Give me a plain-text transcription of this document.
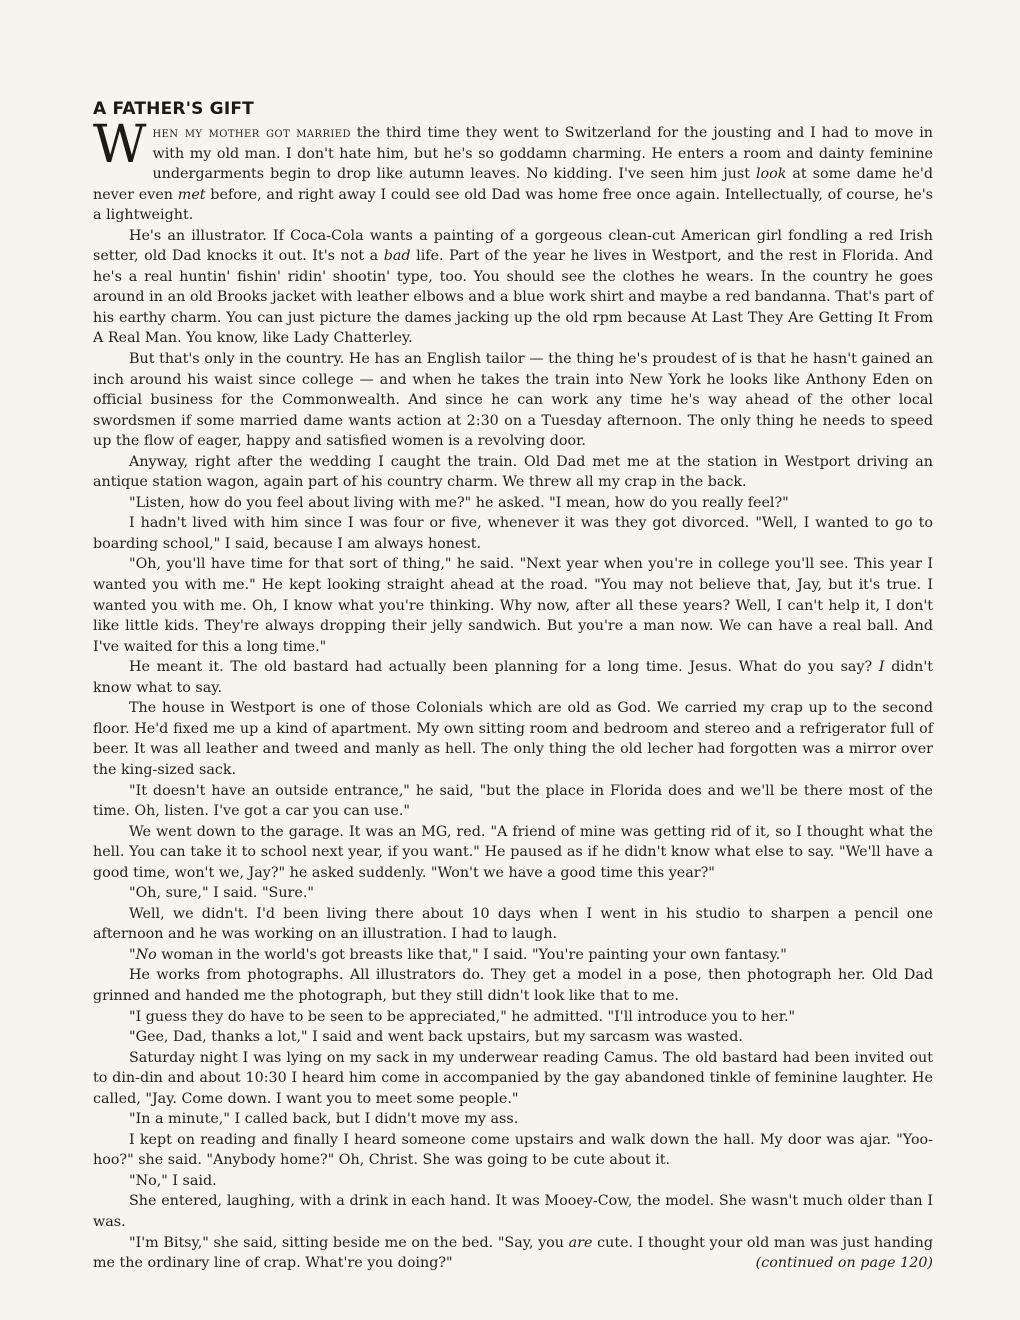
A FATHER'S GIFT

When my mother got married the third time they went to Switzerland for the jousting and I had to move in with my old man. I don't hate him, but he's so goddamn charming. He enters a room and dainty feminine undergarments begin to drop like autumn leaves. No kidding. I've seen him just look at some dame he'd never even met before, and right away I could see old Dad was home free once again. Intellectually, of course, he's a lightweight.

He's an illustrator. If Coca-Cola wants a painting of a gorgeous clean-cut American girl fondling a red Irish setter, old Dad knocks it out. It's not a bad life. Part of the year he lives in Westport, and the rest in Florida. And he's a real huntin' fishin' ridin' shootin' type, too. You should see the clothes he wears. In the country he goes around in an old Brooks jacket with leather elbows and a blue work shirt and maybe a red bandanna. That's part of his earthy charm. You can just picture the dames jacking up the old rpm because At Last They Are Getting It From A Real Man. You know, like Lady Chatterley.

But that's only in the country. He has an English tailor — the thing he's proudest of is that he hasn't gained an inch around his waist since college — and when he takes the train into New York he looks like Anthony Eden on official business for the Commonwealth. And since he can work any time he's way ahead of the other local swordsmen if some married dame wants action at 2:30 on a Tuesday afternoon. The only thing he needs to speed up the flow of eager, happy and satisfied women is a revolving door.

Anyway, right after the wedding I caught the train. Old Dad met me at the station in Westport driving an antique station wagon, again part of his country charm. We threw all my crap in the back.

"Listen, how do you feel about living with me?" he asked. "I mean, how do you really feel?"

I hadn't lived with him since I was four or five, whenever it was they got divorced. "Well, I wanted to go to boarding school," I said, because I am always honest.

"Oh, you'll have time for that sort of thing," he said. "Next year when you're in college you'll see. This year I wanted you with me." He kept looking straight ahead at the road. "You may not believe that, Jay, but it's true. I wanted you with me. Oh, I know what you're thinking. Why now, after all these years? Well, I can't help it, I don't like little kids. They're always dropping their jelly sandwich. But you're a man now. We can have a real ball. And I've waited for this a long time."

He meant it. The old bastard had actually been planning for a long time. Jesus. What do you say? I didn't know what to say.

The house in Westport is one of those Colonials which are old as God. We carried my crap up to the second floor. He'd fixed me up a kind of apartment. My own sitting room and bedroom and stereo and a refrigerator full of beer. It was all leather and tweed and manly as hell. The only thing the old lecher had forgotten was a mirror over the king-sized sack.

"It doesn't have an outside entrance," he said, "but the place in Florida does and we'll be there most of the time. Oh, listen. I've got a car you can use."

We went down to the garage. It was an MG, red. "A friend of mine was getting rid of it, so I thought what the hell. You can take it to school next year, if you want." He paused as if he didn't know what else to say. "We'll have a good time, won't we, Jay?" he asked suddenly. "Won't we have a good time this year?"

"Oh, sure," I said. "Sure."

Well, we didn't. I'd been living there about 10 days when I went in his studio to sharpen a pencil one afternoon and he was working on an illustration. I had to laugh.

"No woman in the world's got breasts like that," I said. "You're painting your own fantasy."

He works from photographs. All illustrators do. They get a model in a pose, then photograph her. Old Dad grinned and handed me the photograph, but they still didn't look like that to me.

"I guess they do have to be seen to be appreciated," he admitted. "I'll introduce you to her."

"Gee, Dad, thanks a lot," I said and went back upstairs, but my sarcasm was wasted.

Saturday night I was lying on my sack in my underwear reading Camus. The old bastard had been invited out to din-din and about 10:30 I heard him come in accompanied by the gay abandoned tinkle of feminine laughter. He called, "Jay. Come down. I want you to meet some people."

"In a minute," I called back, but I didn't move my ass.

I kept on reading and finally I heard someone come upstairs and walk down the hall. My door was ajar. "Yoo-hoo?" she said. "Anybody home?" Oh, Christ. She was going to be cute about it.

"No," I said.

She entered, laughing, with a drink in each hand. It was Mooey-Cow, the model. She wasn't much older than I was.

"I'm Bitsy," she said, sitting beside me on the bed. "Say, you are cute. I thought your old man was just handing me the ordinary line of crap. What're you doing?"	(continued on page 120)
